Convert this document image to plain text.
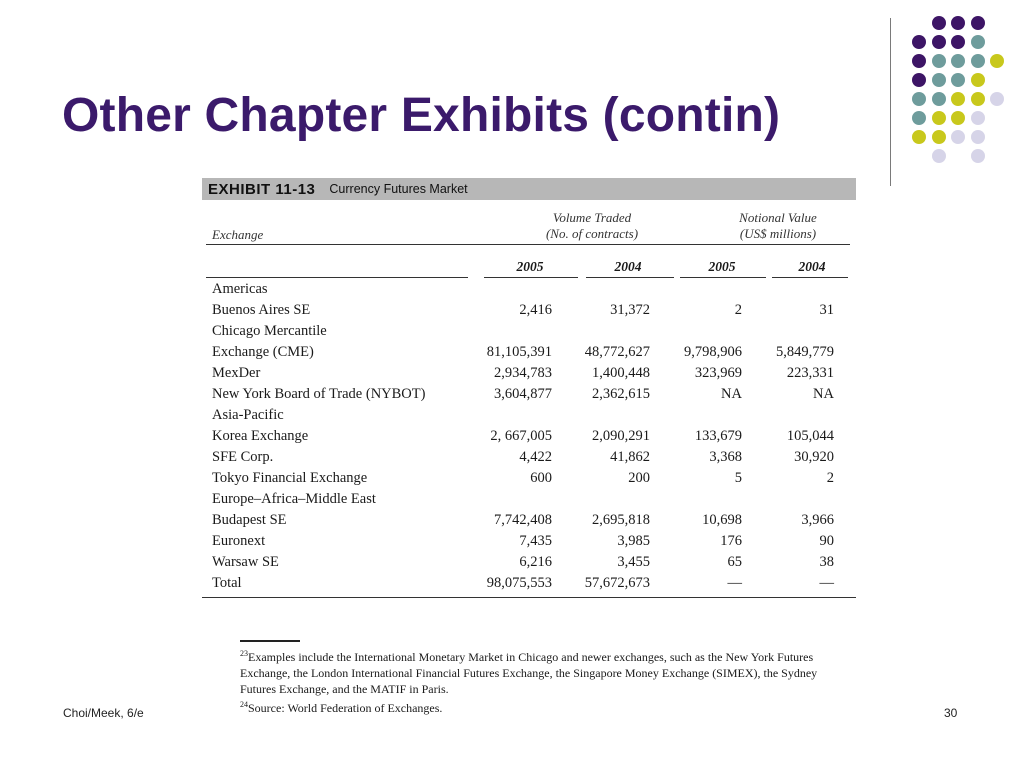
Other Chapter Exhibits (contin)
EXHIBIT 11-13 Currency Futures Market
Exchange
Volume Traded
(No. of contracts)
Notional Value
(US$ millions)
2005	2004	2005	2004
Americas
Buenos Aires SE	2,416	31,372	2	31
Chicago Mercantile
Exchange (CME)	81,105,391	48,772,627	9,798,906	5,849,779
MexDer	2,934,783	1,400,448	323,969	223,331
New York Board of Trade (NYBOT)	3,604,877	2,362,615	NA	NA
Asia-Pacific
Korea Exchange	2, 667,005	2,090,291	133,679	105,044
SFE Corp.	4,422	41,862	3,368	30,920
Tokyo Financial Exchange	600	200	5	2
Europe–Africa–Middle East
Budapest SE	7,742,408	2,695,818	10,698	3,966
Euronext	7,435	3,985	176	90
Warsaw SE	6,216	3,455	65	38
Total	98,075,553	57,672,673	—	—

$^{23}$Examples include the International Monetary Market in Chicago and newer exchanges, such as the New York Futures Exchange, the London International Financial Futures Exchange, the Singapore Money Exchange (SIMEX), the Sydney Futures Exchange, and the MATIF in Paris.

$^{24}$Source: World Federation of Exchanges.

Choi/Meek, 6/e	30
